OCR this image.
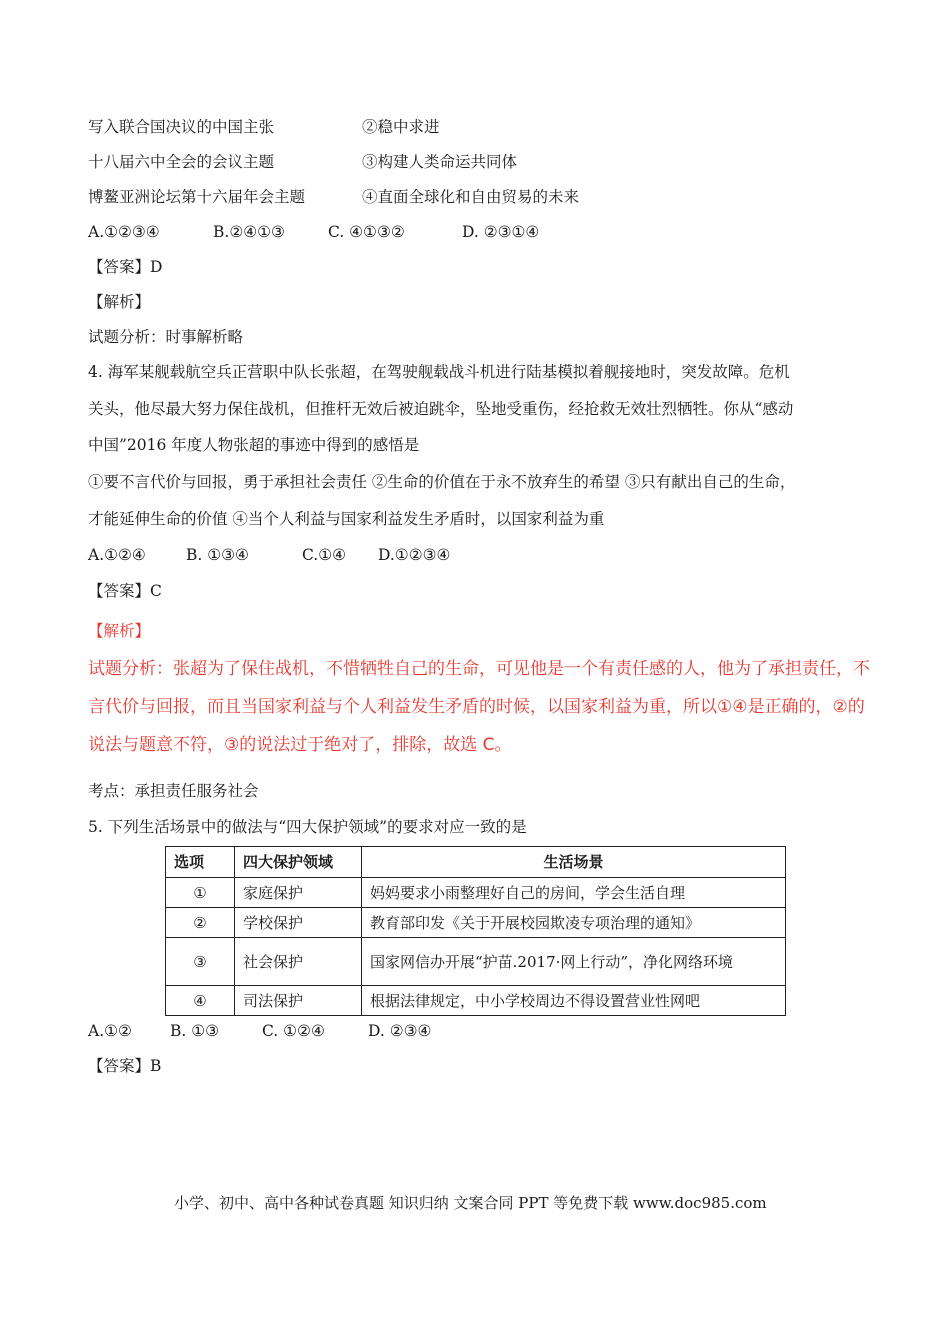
写入联合国决议的中国主张	②稳中求进
十八届六中全会的会议主题	③构建人类命运共同体
博鳌亚洲论坛第十六届年会主题	④直面全球化和自由贸易的未来
A.①②③④	B.②④①③	C. ④①③②	D. ②③①④
【答案】D
【解析】
试题分析：时事解析略
4. 海军某舰载航空兵正营职中队长张超，在驾驶舰载战斗机进行陆基模拟着舰接地时，突发故障。危机
关头，他尽最大努力保住战机，但推杆无效后被迫跳伞，坠地受重伤，经抢救无效壮烈牺牲。你从“感动
中国”2016 年度人物张超的事迹中得到的感悟是
①要不言代价与回报，勇于承担社会责任 ②生命的价值在于永不放弃生的希望 ③只有献出自己的生命，
才能延伸生命的价值 ④当个人利益与国家利益发生矛盾时，以国家利益为重
A.①②④	B. ①③④	C.①④ D.①②③④
【答案】C
【解析】
试题分析：张超为了保住战机，不惜牺牲自己的生命，可见他是一个有责任感的人，他为了承担责任，不
言代价与回报，而且当国家利益与个人利益发生矛盾的时候，以国家利益为重，所以①④是正确的，②的
说法与题意不符，③的说法过于绝对了，排除，故选 C。
考点：承担责任服务社会
5. 下列生活场景中的做法与“四大保护领域”的要求对应一致的是
选项	四大保护领域	生活场景
①	家庭保护	妈妈要求小雨整理好自己的房间，学会生活自理
②	学校保护	教育部印发《关于开展校园欺凌专项治理的通知》
③	社会保护	国家网信办开展“护苗.2017·网上行动”，净化网络环境
④	司法保护	根据法律规定，中小学校周边不得设置营业性网吧
A.①② B. ①③	C. ①②④	D. ②③④
【答案】B
小学、初中、高中各种试卷真题 知识归纳 文案合同 PPT 等免费下载 www.doc985.com
